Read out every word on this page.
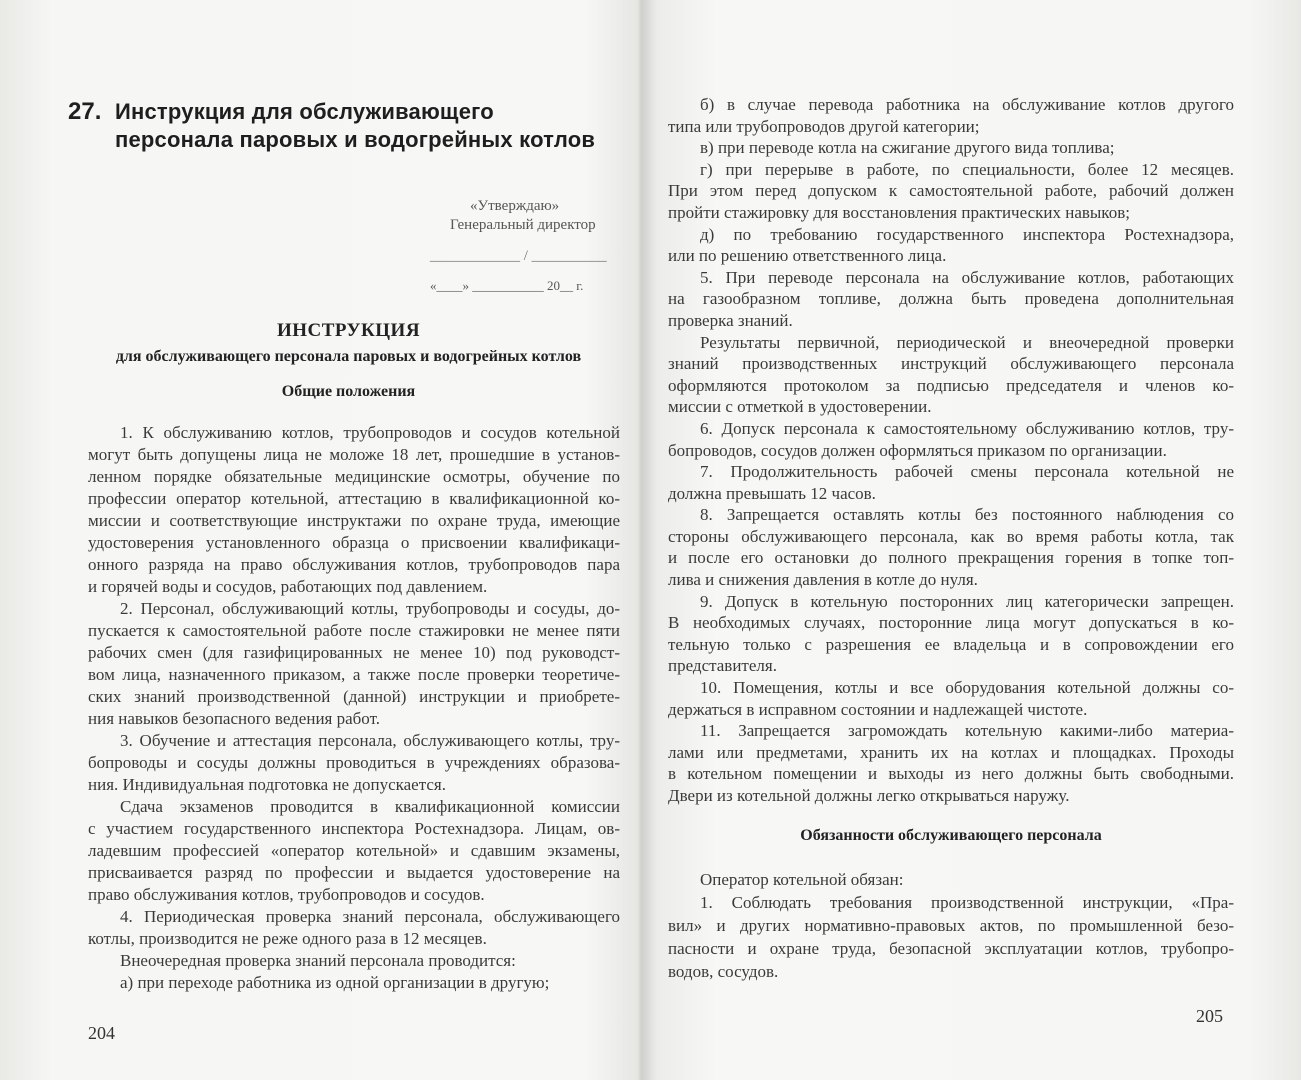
27. Инструкция для обслуживающего
персонала паровых и водогрейных котлов
«Утверждаю»
Генеральный директор
____________ / __________
«____» ___________ 20__ г.
ИНСТРУКЦИЯ
для обслуживающего персонала паровых и водогрейных котлов
Общие положения
1. К обслуживанию котлов, трубопроводов и сосудов котельной
могут быть допущены лица не моложе 18 лет, прошедшие в установ-
ленном порядке обязательные медицинские осмотры, обучение по
профессии оператор котельной, аттестацию в квалификационной ко-
миссии и соответствующие инструктажи по охране труда, имеющие
удостоверения установленного образца о присвоении квалификаци-
онного разряда на право обслуживания котлов, трубопроводов пара
и горячей воды и сосудов, работающих под давлением.
2. Персонал, обслуживающий котлы, трубопроводы и сосуды, до-
пускается к самостоятельной работе после стажировки не менее пяти
рабочих смен (для газифицированных не менее 10) под руководст-
вом лица, назначенного приказом, а также после проверки теоретиче-
ских знаний производственной (данной) инструкции и приобрете-
ния навыков безопасного ведения работ.
3. Обучение и аттестация персонала, обслуживающего котлы, тру-
бопроводы и сосуды должны проводиться в учреждениях образова-
ния. Индивидуальная подготовка не допускается.
Сдача экзаменов проводится в квалификационной комиссии
с участием государственного инспектора Ростехнадзора. Лицам, ов-
ладевшим профессией «оператор котельной» и сдавшим экзамены,
присваивается разряд по профессии и выдается удостоверение на
право обслуживания котлов, трубопроводов и сосудов.
4. Периодическая проверка знаний персонала, обслуживающего
котлы, производится не реже одного раза в 12 месяцев.
Внеочередная проверка знаний персонала проводится:
а) при переходе работника из одной организации в другую;
204
б) в случае перевода работника на обслуживание котлов другого
типа или трубопроводов другой категории;
в) при переводе котла на сжигание другого вида топлива;
г) при перерыве в работе, по специальности, более 12 месяцев.
При этом перед допуском к самостоятельной работе, рабочий должен
пройти стажировку для восстановления практических навыков;
д) по требованию государственного инспектора Ростехнадзора,
или по решению ответственного лица.
5. При переводе персонала на обслуживание котлов, работающих
на газообразном топливе, должна быть проведена дополнительная
проверка знаний.
Результаты первичной, периодической и внеочередной проверки
знаний производственных инструкций обслуживающего персонала
оформляются протоколом за подписью председателя и членов ко-
миссии с отметкой в удостоверении.
6. Допуск персонала к самостоятельному обслуживанию котлов, тру-
бопроводов, сосудов должен оформляться приказом по организации.
7. Продолжительность рабочей смены персонала котельной не
должна превышать 12 часов.
8. Запрещается оставлять котлы без постоянного наблюдения со
стороны обслуживающего персонала, как во время работы котла, так
и после его остановки до полного прекращения горения в топке топ-
лива и снижения давления в котле до нуля.
9. Допуск в котельную посторонних лиц категорически запрещен.
В необходимых случаях, посторонние лица могут допускаться в ко-
тельную только с разрешения ее владельца и в сопровождении его
представителя.
10. Помещения, котлы и все оборудования котельной должны со-
держаться в исправном состоянии и надлежащей чистоте.
11. Запрещается загромождать котельную какими-либо материа-
лами или предметами, хранить их на котлах и площадках. Проходы
в котельном помещении и выходы из него должны быть свободными.
Двери из котельной должны легко открываться наружу.
Обязанности обслуживающего персонала
Оператор котельной обязан:
1. Соблюдать требования производственной инструкции, «Пра-
вил» и других нормативно-правовых актов, по промышленной безо-
пасности и охране труда, безопасной эксплуатации котлов, трубопро-
водов, сосудов.
205
